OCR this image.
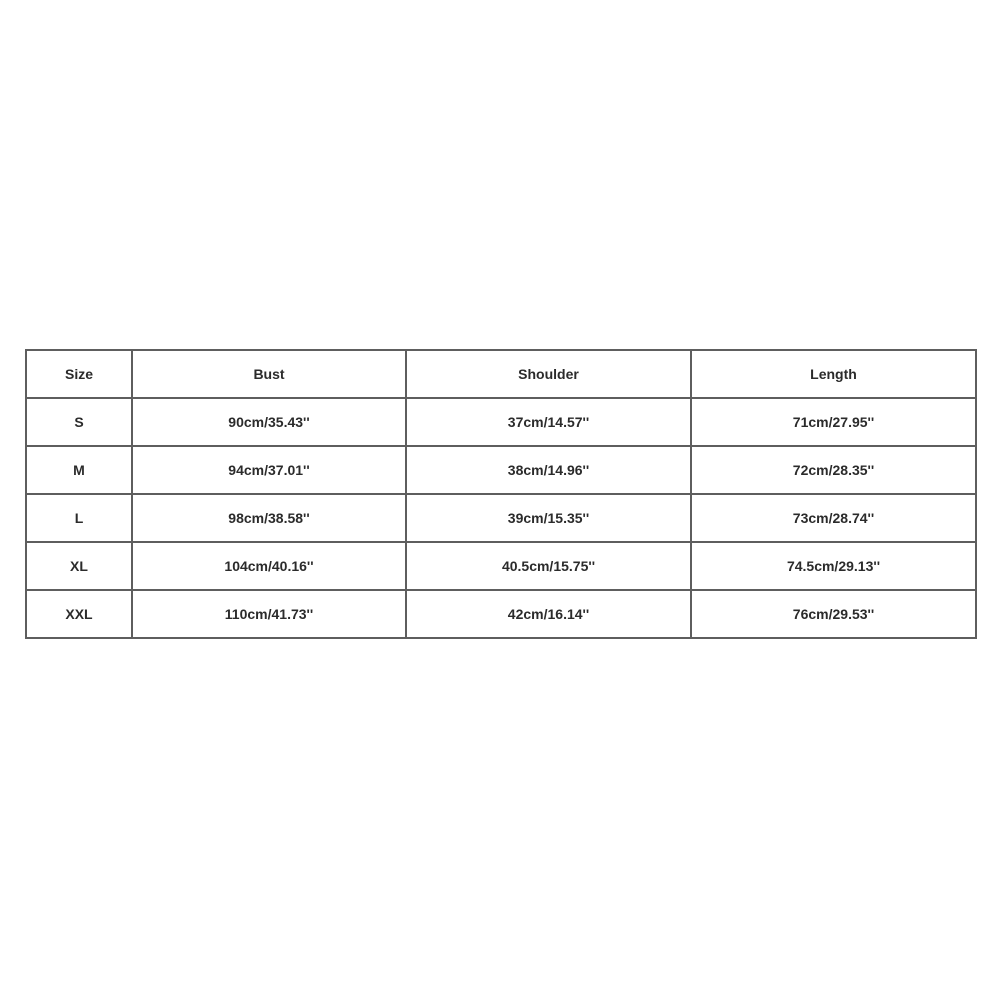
Size	Bust	Shoulder	Length
S	90cm/35.43''	37cm/14.57''	71cm/27.95''
M	94cm/37.01''	38cm/14.96''	72cm/28.35''
L	98cm/38.58''	39cm/15.35''	73cm/28.74''
XL	104cm/40.16''	40.5cm/15.75''	74.5cm/29.13''
XXL	110cm/41.73''	42cm/16.14''	76cm/29.53''
